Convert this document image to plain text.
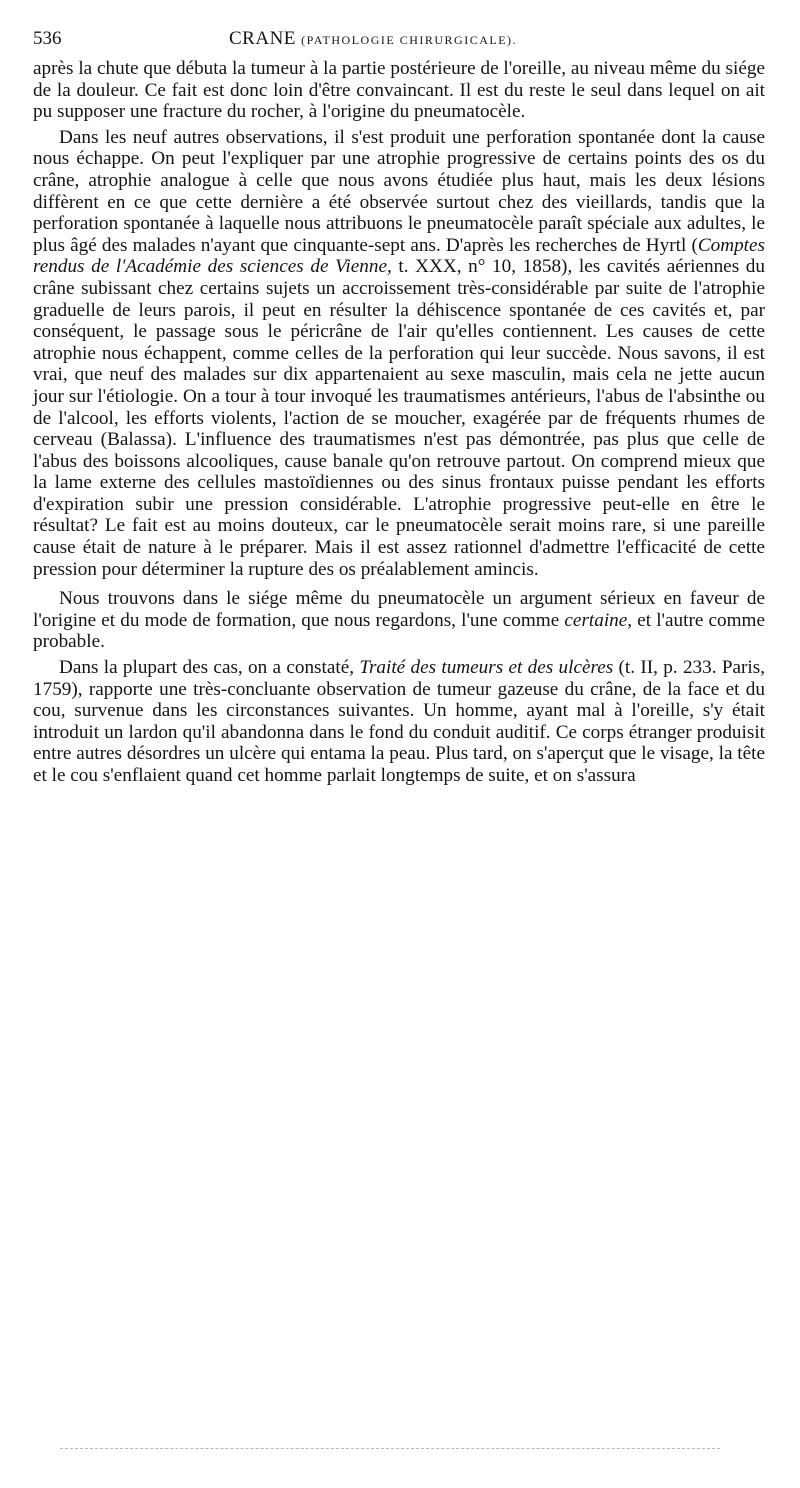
536	CRANE (PATHOLOGIE CHIRURGICALE).

après la chute que débuta la tumeur à la partie postérieure de l'oreille, au niveau même du siége de la douleur. Ce fait est donc loin d'être convaincant. Il est du reste le seul dans lequel on ait pu supposer une fracture du rocher, à l'origine du pneumatocèle.

Dans les neuf autres observations, il s'est produit une perforation spontanée dont la cause nous échappe. On peut l'expliquer par une atrophie progressive de certains points des os du crâne, atrophie analogue à celle que nous avons étudiée plus haut, mais les deux lésions diffèrent en ce que cette dernière a été observée surtout chez des vieillards, tandis que la perforation spontanée à laquelle nous attribuons le pneumatocèle paraît spéciale aux adultes, le plus âgé des malades n'ayant que cinquante-sept ans. D'après les recherches de Hyrtl (Comptes rendus de l'Académie des sciences de Vienne, t. XXX, n° 10, 1858), les cavités aériennes du crâne subissant chez certains sujets un accroissement très-considérable par suite de l'atrophie graduelle de leurs parois, il peut en résulter la déhiscence spontanée de ces cavités et, par conséquent, le passage sous le péricrâne de l'air qu'elles contiennent. Les causes de cette atrophie nous échappent, comme celles de la perforation qui leur succède. Nous savons, il est vrai, que neuf des malades sur dix appartenaient au sexe masculin, mais cela ne jette aucun jour sur l'étiologie. On a tour à tour invoqué les traumatismes antérieurs, l'abus de l'absinthe ou de l'alcool, les efforts violents, l'action de se moucher, exagérée par de fréquents rhumes de cerveau (Balassa). L'influence des traumatismes n'est pas démontrée, pas plus que celle de l'abus des boissons alcooliques, cause banale qu'on retrouve partout. On comprend mieux que la lame externe des cellules mastoïdiennes ou des sinus frontaux puisse pendant les efforts d'expiration subir une pression considérable. L'atrophie progressive peut-elle en être le résultat? Le fait est au moins douteux, car le pneumatocèle serait moins rare, si une pareille cause était de nature à le préparer. Mais il est assez rationnel d'admettre l'efficacité de cette pression pour déterminer la rupture des os préalablement amincis.

Nous trouvons dans le siége même du pneumatocèle un argument sérieux en faveur de l'origine et du mode de formation, que nous regardons, l'une comme certaine, et l'autre comme probable.

Dans la plupart des cas, on a constaté, Traité des tumeurs et des ulcères (t. II, p. 233. Paris, 1759), rapporte une très-concluante observation de tumeur gazeuse du crâne, de la face et du cou, survenue dans les circonstances suivantes. Un homme, ayant mal à l'oreille, s'y était introduit un lardon qu'il abandonna dans le fond du conduit auditif. Ce corps étranger produisit entre autres désordres un ulcère qui entama la peau. Plus tard, on s'aperçut que le visage, la tête et le cou s'enflaient quand cet homme parlait longtemps de suite, et on s'assura
